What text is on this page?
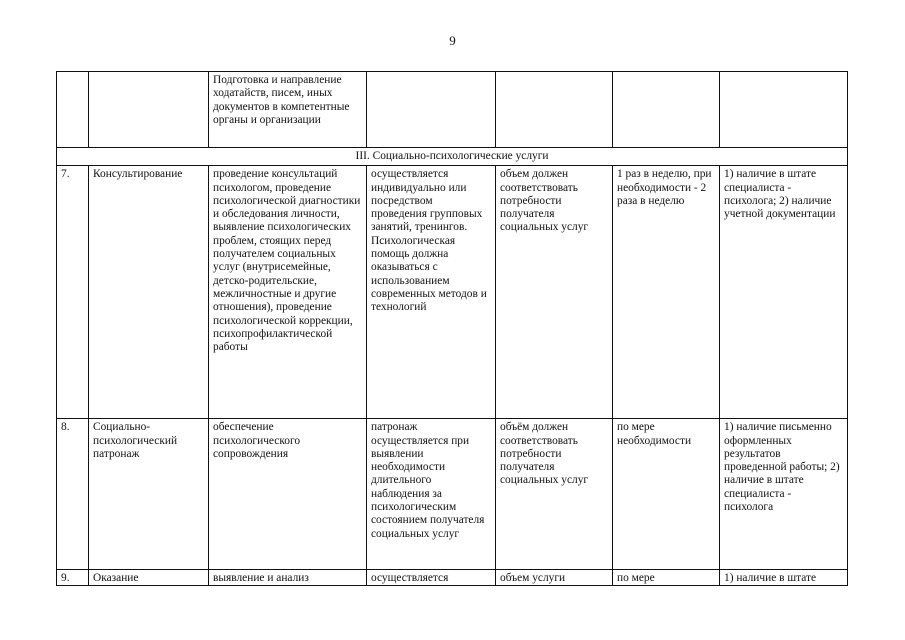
9
		Подготовка и направление ходатайств, писем, иных документов в компетентные органы и организации				
III. Социально-психологические услуги						
7.	Консультирование	проведение консультаций психологом, проведение психологической диагностики и обследования личности, выявление психологических проблем, стоящих перед получателем социальных услуг (внутрисемейные, детско-родительские, межличностные и другие отношения), проведение психологической коррекции, психопрофилактической работы	осуществляется индивидуально или посредством проведения групповых занятий, тренингов. Психологическая помощь должна оказываться с использованием современных методов и технологий	объем должен соответствовать потребности получателя социальных услуг	1 раз в неделю, при необходимости - 2 раза в неделю	1) наличие в штате специалиста - психолога; 2) наличие учетной документации
8.	Социально-психологический патронаж	обеспечение психологического сопровождения	патронаж осуществляется при выявлении необходимости длительного наблюдения за психологическим состоянием получателя социальных услуг	объём должен соответствовать потребности получателя социальных услуг	по мере необходимости	1) наличие письменно оформленных результатов проведенной работы; 2) наличие в штате специалиста - психолога

9.	Оказание	выявление и анализ	осуществляется	объем услуги	по мере	1) наличие в штате
